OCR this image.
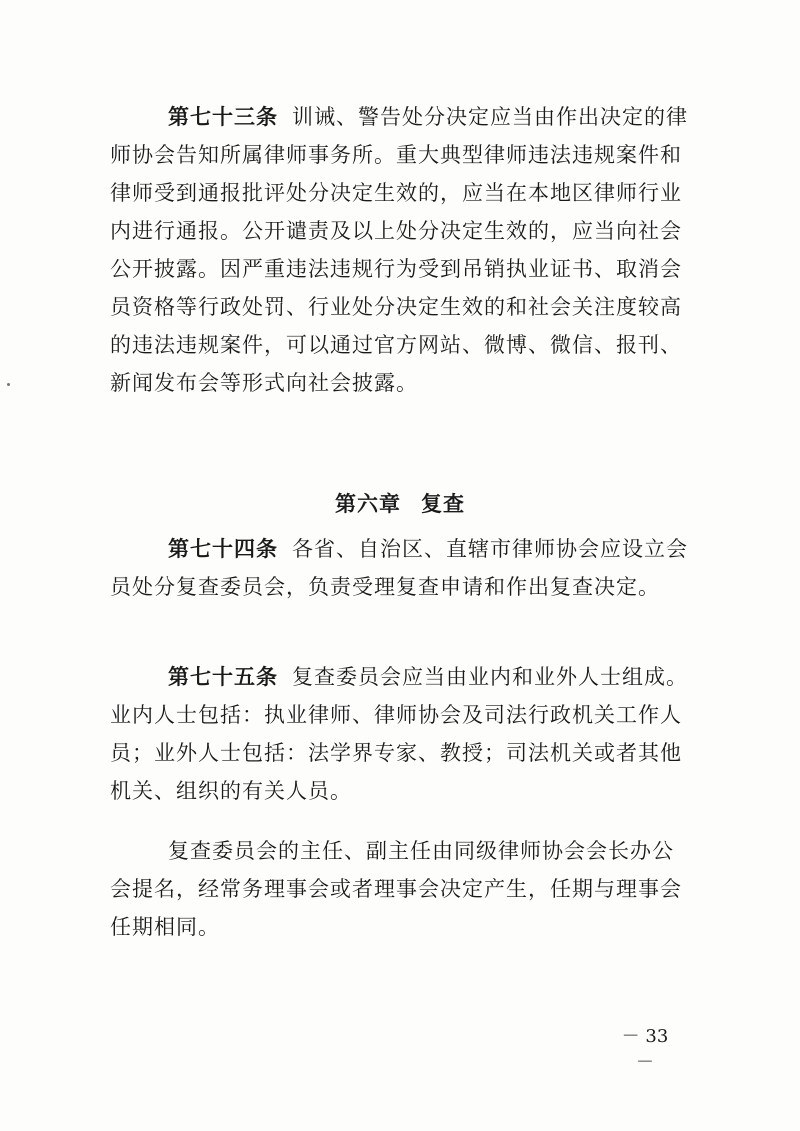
第七十三条 训诫、警告处分决定应当由作出决定的律师协会告知所属律师事务所。重大典型律师违法违规案件和律师受到通报批评处分决定生效的，应当在本地区律师行业内进行通报。公开谴责及以上处分决定生效的，应当向社会公开披露。因严重违法违规行为受到吊销执业证书、取消会员资格等行政处罚、行业处分决定生效的和社会关注度较高的违法违规案件，可以通过官方网站、微博、微信、报刊、新闻发布会等形式向社会披露。

第六章 复查

第七十四条 各省、自治区、直辖市律师协会应设立会员处分复查委员会，负责受理复查申请和作出复查决定。

第七十五条 复查委员会应当由业内和业外人士组成。业内人士包括：执业律师、律师协会及司法行政机关工作人员；业外人士包括：法学界专家、教授；司法机关或者其他机关、组织的有关人员。

复查委员会的主任、副主任由同级律师协会会长办公会提名，经常务理事会或者理事会决定产生，任期与理事会任期相同。

－ 33 －
